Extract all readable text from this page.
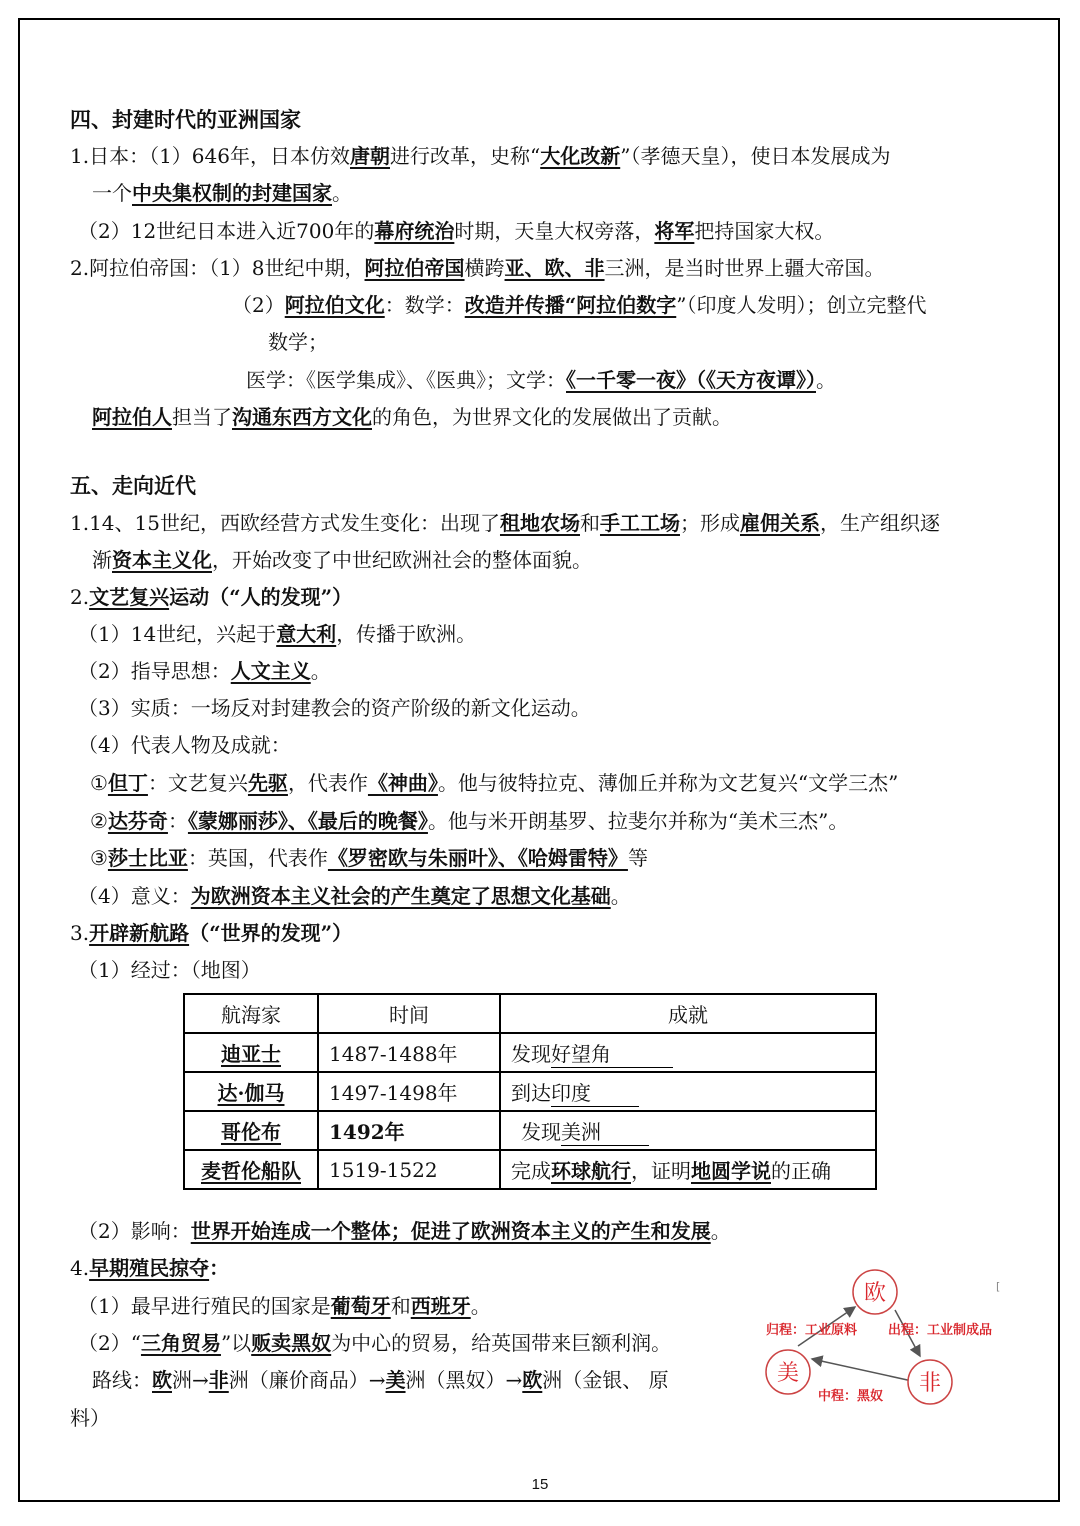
四、封建时代的亚洲国家
1.日本：（1）646年，日本仿效唐朝进行改革，史称“大化改新”（孝德天皇），使日本发展成为
一个中央集权制的封建国家。
（2）12世纪日本进入近700年的幕府统治时期，天皇大权旁落，将军把持国家大权。
2.阿拉伯帝国：（1）8世纪中期，阿拉伯帝国横跨亚、欧、非三洲，是当时世界上疆大帝国。
（2）阿拉伯文化：数学：改造并传播“阿拉伯数字”（印度人发明）；创立完整代
数学；
医学：《医学集成》、《医典》；文学：《一千零一夜》（《天方夜谭》）。
阿拉伯人担当了沟通东西方文化的角色，为世界文化的发展做出了贡献。
五、走向近代
1.14、15世纪，西欧经营方式发生变化：出现了租地农场和手工工场；形成雇佣关系，生产组织逐
渐资本主义化，开始改变了中世纪欧洲社会的整体面貌。
2.文艺复兴运动（“人的发现”）
（1）14世纪，兴起于意大利，传播于欧洲。
（2）指导思想：人文主义。
（3）实质：一场反对封建教会的资产阶级的新文化运动。
（4）代表人物及成就：
①但丁：文艺复兴先驱，代表作《神曲》。他与彼特拉克、薄伽丘并称为文艺复兴“文学三杰”
②达芬奇：《蒙娜丽莎》、《最后的晚餐》。他与米开朗基罗、拉斐尔并称为“美术三杰”。
③莎士比亚：英国，代表作《罗密欧与朱丽叶》、《哈姆雷特》等
（4）意义：为欧洲资本主义社会的产生奠定了思想文化基础。
3.开辟新航路（“世界的发现”）
（1）经过：（地图）
航海家	时间	成就
迪亚士	1487-1488年	发现好望角
达·伽马	1497-1498年	到达印度
哥伦布	1492年	发现美洲
麦哲伦船队	1519-1522	完成环球航行，证明地圆学说的正确
（2）影响：世界开始连成一个整体；促进了欧洲资本主义的产生和发展。
4.早期殖民掠夺：
（1）最早进行殖民的国家是葡萄牙和西班牙。
（2）“三角贸易”以贩卖黑奴为中心的贸易，给英国带来巨额利润。
路线：欧洲→非洲（廉价商品）→美洲（黑奴）→欧洲（金银、 原
料）
欧
美	非
归程：工业原料 出程：工业制成品
中程：黑奴
[
15
